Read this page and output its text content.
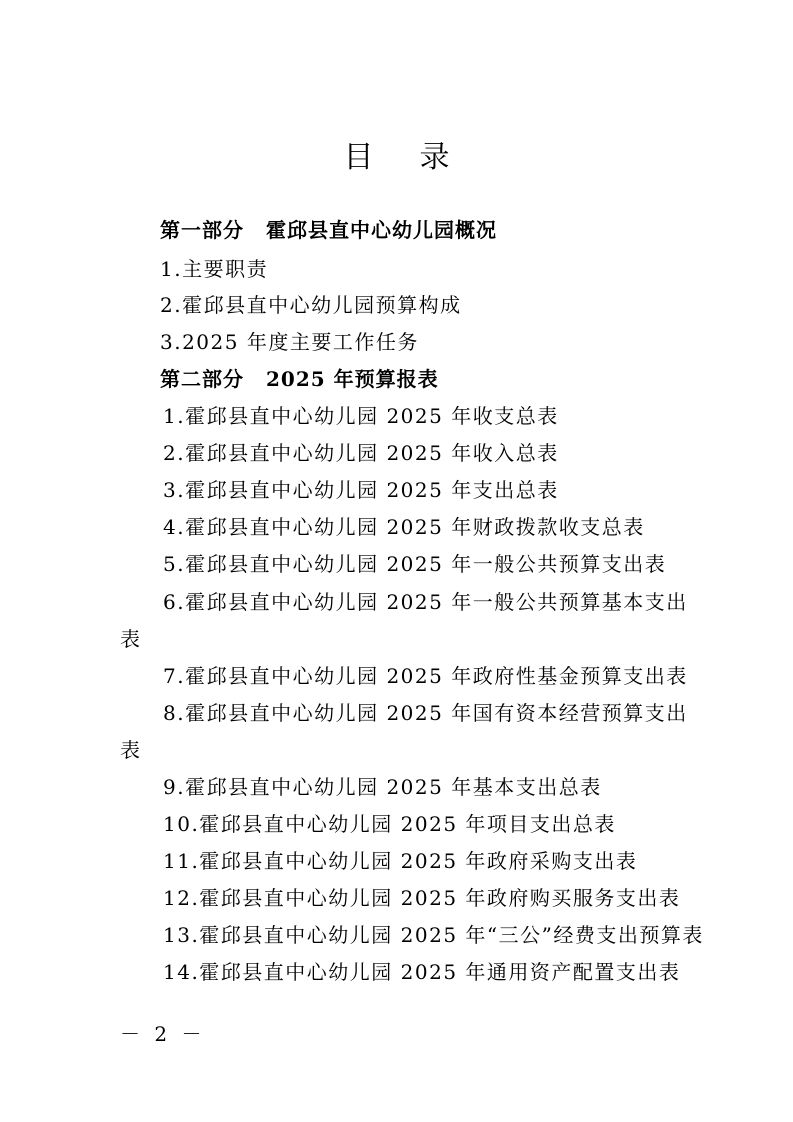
目录
第一部分 霍邱县直中心幼儿园概况
1.主要职责
2.霍邱县直中心幼儿园预算构成
3.2025 年度主要工作任务
第二部分 2025 年预算报表
1.霍邱县直中心幼儿园 2025 年收支总表
2.霍邱县直中心幼儿园 2025 年收入总表
3.霍邱县直中心幼儿园 2025 年支出总表
4.霍邱县直中心幼儿园 2025 年财政拨款收支总表
5.霍邱县直中心幼儿园 2025 年一般公共预算支出表
6.霍邱县直中心幼儿园 2025 年一般公共预算基本支出
表
7.霍邱县直中心幼儿园 2025 年政府性基金预算支出表
8.霍邱县直中心幼儿园 2025 年国有资本经营预算支出
表
9.霍邱县直中心幼儿园 2025 年基本支出总表
10.霍邱县直中心幼儿园 2025 年项目支出总表
11.霍邱县直中心幼儿园 2025 年政府采购支出表
12.霍邱县直中心幼儿园 2025 年政府购买服务支出表
13.霍邱县直中心幼儿园 2025 年“三公”经费支出预算表
14.霍邱县直中心幼儿园 2025 年通用资产配置支出表
－ 2 －
